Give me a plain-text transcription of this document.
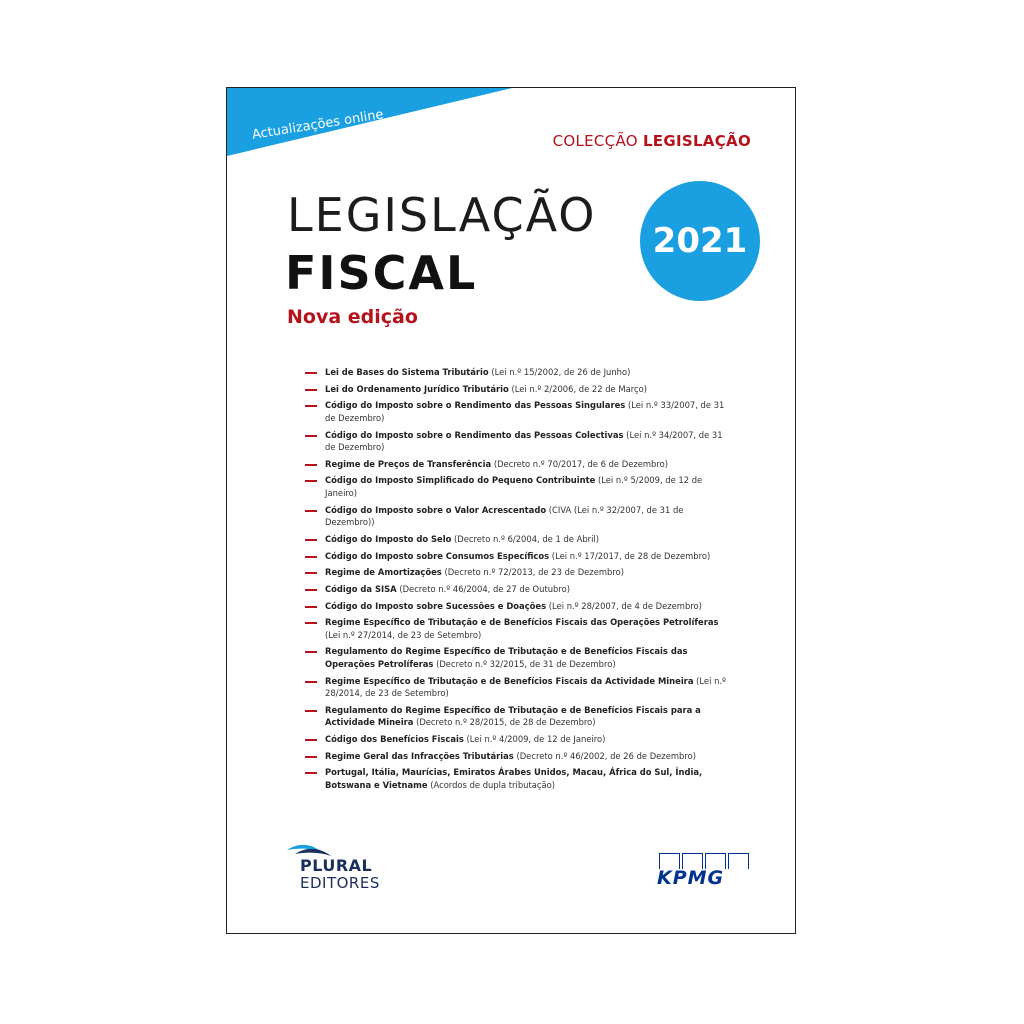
Actualizações online	COLECÇÃO LEGISLAÇÃO
LEGISLAÇÃO
FISCAL
Nova edição
2021
Lei de Bases do Sistema Tributário (Lei n.º 15/2002, de 26 de Junho)
Lei do Ordenamento Jurídico Tributário (Lei n.º 2/2006, de 22 de Março)
Código do Imposto sobre o Rendimento das Pessoas Singulares (Lei n.º 33/2007, de 31 de Dezembro)
Código do Imposto sobre o Rendimento das Pessoas Colectivas (Lei n.º 34/2007, de 31 de Dezembro)
Regime de Preços de Transferência (Decreto n.º 70/2017, de 6 de Dezembro)
Código do Imposto Simplificado do Pequeno Contribuinte (Lei n.º 5/2009, de 12 de Janeiro)
Código do Imposto sobre o Valor Acrescentado (CIVA (Lei n.º 32/2007, de 31 de Dezembro))
Código do Imposto do Selo (Decreto n.º 6/2004, de 1 de Abril)
Código do Imposto sobre Consumos Específicos (Lei n.º 17/2017, de 28 de Dezembro)
Regime de Amortizações (Decreto n.º 72/2013, de 23 de Dezembro)
Código da SISA (Decreto n.º 46/2004, de 27 de Outubro)
Código do Imposto sobre Sucessões e Doações (Lei n.º 28/2007, de 4 de Dezembro)
Regime Específico de Tributação e de Benefícios Fiscais das Operações Petrolíferas (Lei n.º 27/2014, de 23 de Setembro)
Regulamento do Regime Específico de Tributação e de Benefícios Fiscais das Operações Petrolíferas (Decreto n.º 32/2015, de 31 de Dezembro)
Regime Específico de Tributação e de Benefícios Fiscais da Actividade Mineira (Lei n.º 28/2014, de 23 de Setembro)
Regulamento do Regime Específico de Tributação e de Benefícios Fiscais para a Actividade Mineira (Decreto n.º 28/2015, de 28 de Dezembro)
Código dos Benefícios Fiscais (Lei n.º 4/2009, de 12 de Janeiro)
Regime Geral das Infracções Tributárias (Decreto n.º 46/2002, de 26 de Dezembro)
Portugal, Itália, Maurícias, Emiratos Árabes Unidos, Macau, África do Sul, Índia, Botswana e Vietname (Acordos de dupla tributação)
PLURAL
EDITORES	KPMG
